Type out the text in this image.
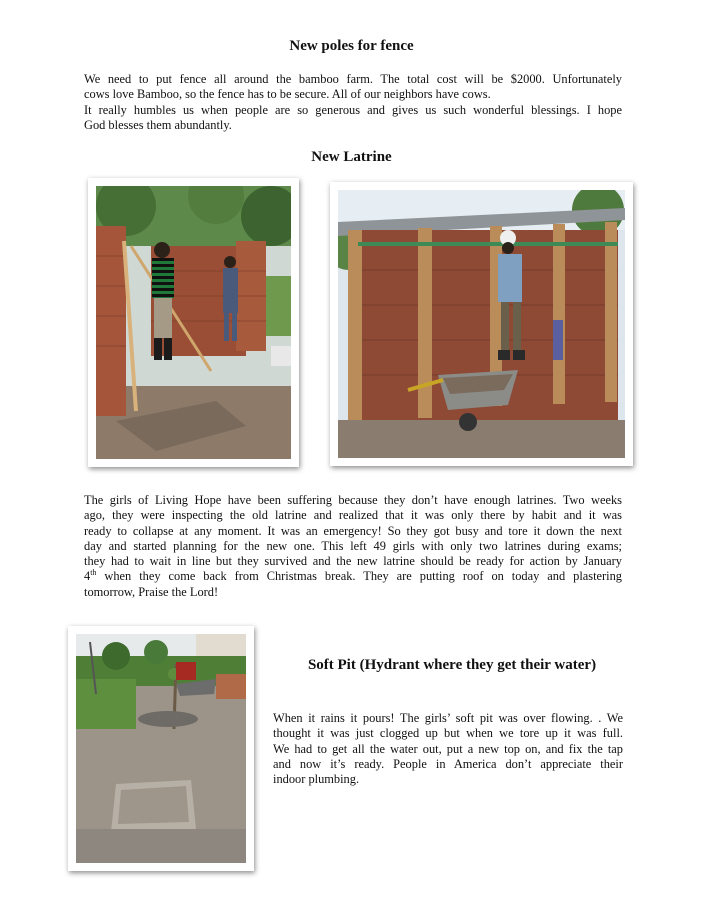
New poles for fence

We need to put fence all around the bamboo farm. The total cost will be $2000. Unfortunately
cows love Bamboo, so the fence has to be secure. All of our neighbors have cows.
It really humbles us when people are so generous and gives us such wonderful blessings. I hope
God blesses them abundantly.

New Latrine

The girls of Living Hope have been suffering because they don’t have enough latrines. Two weeks
ago, they were inspecting the old latrine and realized that it was only there by habit and it was
ready to collapse at any moment. It was an emergency! So they got busy and tore it down the next
day and started planning for the new one. This left 49 girls with only two latrines during exams;
they had to wait in line but they survived and the new latrine should be ready for action by January
4th when they come back from Christmas break. They are putting roof on today and plastering
tomorrow, Praise the Lord!

Soft Pit (Hydrant where they get their water)

When it rains it pours! The girls’ soft pit was over flowing. . We
thought it was just clogged up but when we tore up it was full.
We had to get all the water out, put a new top on, and fix the tap
and now it’s ready. People in America don’t appreciate their
indoor plumbing.
